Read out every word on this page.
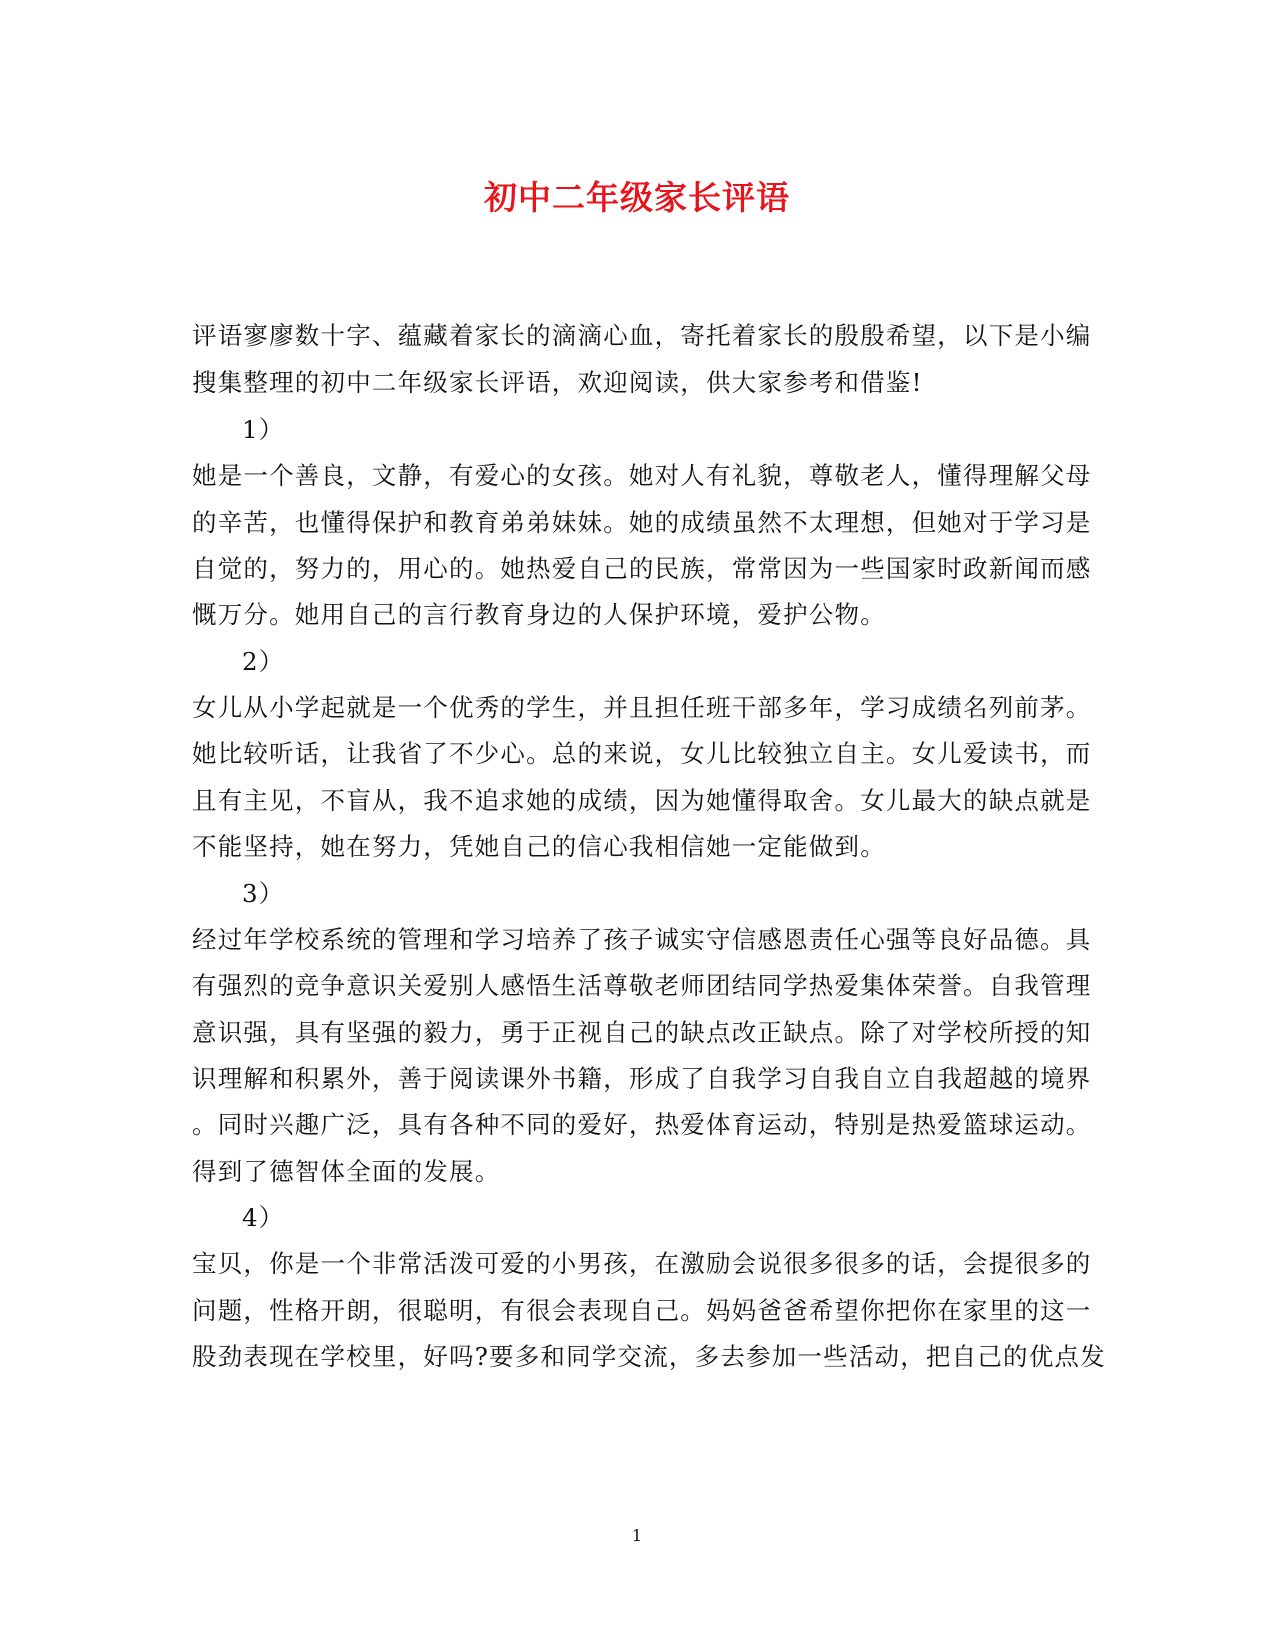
初中二年级家长评语
评语寥廖数十字、蕴藏着家长的滴滴心血，寄托着家长的殷殷希望，以下是小编
搜集整理的初中二年级家长评语，欢迎阅读，供大家参考和借鉴!
1）
她是一个善良，文静，有爱心的女孩。她对人有礼貌，尊敬老人，懂得理解父母
的辛苦，也懂得保护和教育弟弟妹妹。她的成绩虽然不太理想，但她对于学习是
自觉的，努力的，用心的。她热爱自己的民族，常常因为一些国家时政新闻而感
慨万分。她用自己的言行教育身边的人保护环境，爱护公物。
2）
女儿从小学起就是一个优秀的学生，并且担任班干部多年，学习成绩名列前茅。
她比较听话，让我省了不少心。总的来说，女儿比较独立自主。女儿爱读书，而
且有主见，不盲从，我不追求她的成绩，因为她懂得取舍。女儿最大的缺点就是
不能坚持，她在努力，凭她自己的信心我相信她一定能做到。
3）
经过年学校系统的管理和学习培养了孩子诚实守信感恩责任心强等良好品德。具
有强烈的竞争意识关爱别人感悟生活尊敬老师团结同学热爱集体荣誉。自我管理
意识强，具有坚强的毅力，勇于正视自己的缺点改正缺点。除了对学校所授的知
识理解和积累外，善于阅读课外书籍，形成了自我学习自我自立自我超越的境界
。同时兴趣广泛，具有各种不同的爱好，热爱体育运动，特别是热爱篮球运动。
得到了德智体全面的发展。
4）
宝贝，你是一个非常活泼可爱的小男孩，在激励会说很多很多的话，会提很多的
问题，性格开朗，很聪明，有很会表现自己。妈妈爸爸希望你把你在家里的这一
股劲表现在学校里，好吗?要多和同学交流，多去参加一些活动，把自己的优点发
1
